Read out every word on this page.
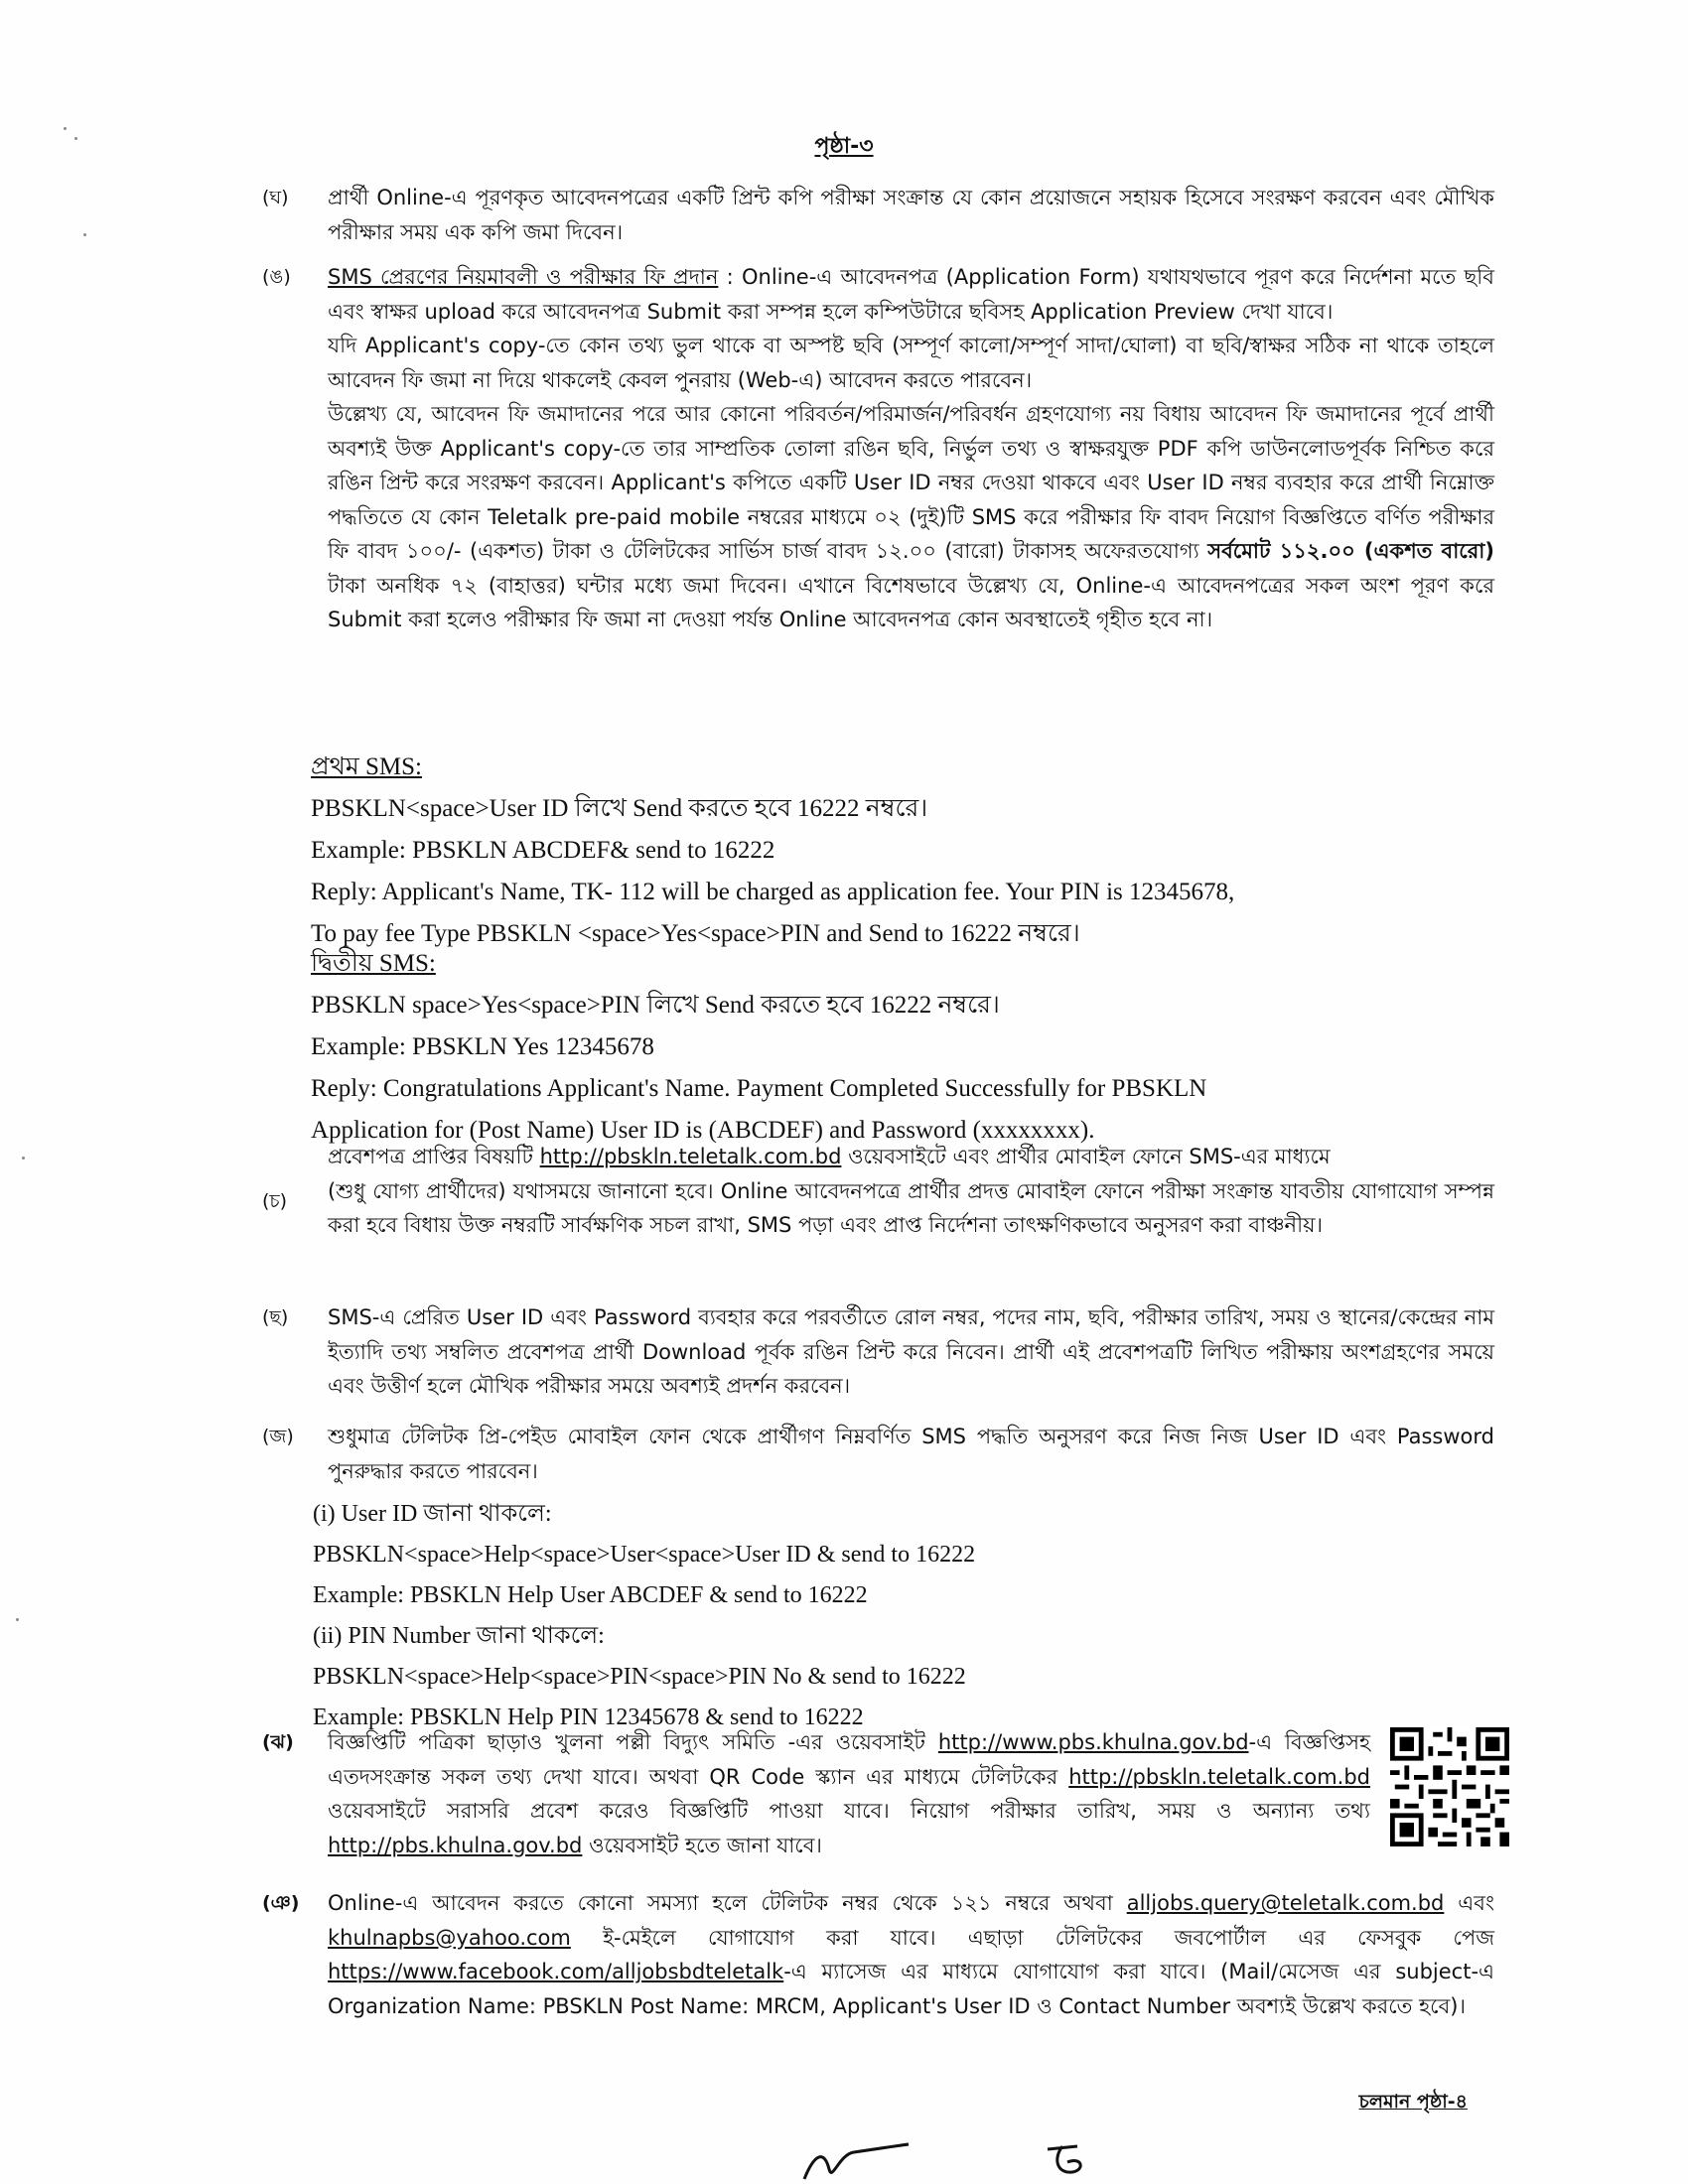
পৃষ্ঠা-৩
(ঘ)	প্রার্থী Online-এ পূরণকৃত আবেদনপত্রের একটি প্রিন্ট কপি পরীক্ষা সংক্রান্ত যে কোন প্রয়োজনে সহায়ক হিসেবে সংরক্ষণ করবেন এবং মৌখিক পরীক্ষার সময় এক কপি জমা দিবেন।
(ঙ)	SMS প্রেরণের নিয়মাবলী ও পরীক্ষার ফি প্রদান : Online-এ আবেদনপত্র (Application Form) যথাযথভাবে পূরণ করে নির্দেশনা মতে ছবি এবং স্বাক্ষর upload করে আবেদনপত্র Submit করা সম্পন্ন হলে কম্পিউটারে ছবিসহ Application Preview দেখা যাবে।
যদি Applicant's copy-তে কোন তথ্য ভুল থাকে বা অস্পষ্ট ছবি (সম্পূর্ণ কালো/সম্পূর্ণ সাদা/ঘোলা) বা ছবি/স্বাক্ষর সঠিক না থাকে তাহলে আবেদন ফি জমা না দিয়ে থাকলেই কেবল পুনরায় (Web-এ) আবেদন করতে পারবেন।
উল্লেখ্য যে, আবেদন ফি জমাদানের পরে আর কোনো পরিবর্তন/পরিমার্জন/পরিবর্ধন গ্রহণযোগ্য নয় বিধায় আবেদন ফি জমাদানের পূর্বে প্রার্থী অবশ্যই উক্ত Applicant's copy-তে তার সাম্প্রতিক তোলা রঙিন ছবি, নির্ভুল তথ্য ও স্বাক্ষরযুক্ত PDF কপি ডাউনলোডপূর্বক নিশ্চিত করে রঙিন প্রিন্ট করে সংরক্ষণ করবেন। Applicant's কপিতে একটি User ID নম্বর দেওয়া থাকবে এবং User ID নম্বর ব্যবহার করে প্রার্থী নিম্নোক্ত পদ্ধতিতে যে কোন Teletalk pre-paid mobile নম্বরের মাধ্যমে ০২ (দুই)টি SMS করে পরীক্ষার ফি বাবদ নিয়োগ বিজ্ঞপ্তিতে বর্ণিত পরীক্ষার ফি বাবদ ১০০/- (একশত) টাকা ও টেলিটকের সার্ভিস চার্জ বাবদ ১২.০০ (বারো) টাকাসহ অফেরতযোগ্য সর্বমোট ১১২.০০ (একশত বারো) টাকা অনধিক ৭২ (বাহাত্তর) ঘন্টার মধ্যে জমা দিবেন। এখানে বিশেষভাবে উল্লেখ্য যে, Online-এ আবেদনপত্রের সকল অংশ পূরণ করে Submit করা হলেও পরীক্ষার ফি জমা না দেওয়া পর্যন্ত Online আবেদনপত্র কোন অবস্থাতেই গৃহীত হবে না।
প্রথম SMS:
PBSKLN<space>User ID লিখে Send করতে হবে 16222 নম্বরে।
Example: PBSKLN ABCDEF& send to 16222
Reply: Applicant's Name, TK- 112 will be charged as application fee. Your PIN is 12345678,
To pay fee Type PBSKLN <space>Yes<space>PIN and Send to 16222 নম্বরে।
দ্বিতীয় SMS:
PBSKLN space>Yes<space>PIN লিখে Send করতে হবে 16222 নম্বরে।
Example: PBSKLN Yes 12345678
Reply: Congratulations Applicant's Name. Payment Completed Successfully for PBSKLN
Application for (Post Name) User ID is (ABCDEF) and Password (xxxxxxxx).
প্রবেশপত্র প্রাপ্তির বিষয়টি http://pbskln.teletalk.com.bd ওয়েবসাইটে এবং প্রার্থীর মোবাইল ফোনে SMS-এর মাধ্যমে
(চ)	(শুধু যোগ্য প্রার্থীদের) যথাসময়ে জানানো হবে। Online আবেদনপত্রে প্রার্থীর প্রদত্ত মোবাইল ফোনে পরীক্ষা সংক্রান্ত যাবতীয় যোগাযোগ সম্পন্ন করা হবে বিধায় উক্ত নম্বরটি সার্বক্ষণিক সচল রাখা, SMS পড়া এবং প্রাপ্ত নির্দেশনা তাৎক্ষণিকভাবে অনুসরণ করা বাঞ্চনীয়।
(ছ)	SMS-এ প্রেরিত User ID এবং Password ব্যবহার করে পরবর্তীতে রোল নম্বর, পদের নাম, ছবি, পরীক্ষার তারিখ, সময় ও স্থানের/কেন্দ্রের নাম ইত্যাদি তথ্য সম্বলিত প্রবেশপত্র প্রার্থী Download পূর্বক রঙিন প্রিন্ট করে নিবেন। প্রার্থী এই প্রবেশপত্রটি লিখিত পরীক্ষায় অংশগ্রহণের সময়ে এবং উত্তীর্ণ হলে মৌখিক পরীক্ষার সময়ে অবশ্যই প্রদর্শন করবেন।
(জ) শুধুমাত্র টেলিটক প্রি-পেইড মোবাইল ফোন থেকে প্রার্থীগণ নিম্নবর্ণিত SMS পদ্ধতি অনুসরণ করে নিজ নিজ User ID এবং Password পুনরুদ্ধার করতে পারবেন।
(i) User ID জানা থাকলে:
PBSKLN<space>Help<space>User<space>User ID & send to 16222
Example: PBSKLN Help User ABCDEF & send to 16222
(ii) PIN Number জানা থাকলে:
PBSKLN<space>Help<space>PIN<space>PIN No & send to 16222
Example: PBSKLN Help PIN 12345678 & send to 16222
(ঝ) বিজ্ঞপ্তিটি পত্রিকা ছাড়াও খুলনা পল্লী বিদ্যুৎ সমিতি -এর ওয়েবসাইট http://www.pbs.khulna.gov.bd-এ বিজ্ঞপ্তিসহ এতদসংক্রান্ত সকল তথ্য দেখা যাবে। অথবা QR Code স্ক্যান এর মাধ্যমে টেলিটকের http://pbskln.teletalk.com.bd ওয়েবসাইটে সরাসরি প্রবেশ করেও বিজ্ঞপ্তিটি পাওয়া যাবে। নিয়োগ পরীক্ষার তারিখ, সময় ও অন্যান্য তথ্য http://pbs.khulna.gov.bd ওয়েবসাইট হতে জানা যাবে।
(ঞ) Online-এ আবেদন করতে কোনো সমস্যা হলে টেলিটক নম্বর থেকে ১২১ নম্বরে অথবা alljobs.query@teletalk.com.bd এবং khulnapbs@yahoo.com ই-মেইলে যোগাযোগ করা যাবে। এছাড়া টেলিটকের জবপোর্টাল এর ফেসবুক পেজ https://www.facebook.com/alljobsbdteletalk-এ ম্যাসেজ এর মাধ্যমে যোগাযোগ করা যাবে। (Mail/মেসেজ এর subject-এ Organization Name: PBSKLN Post Name: MRCM, Applicant's User ID ও Contact Number অবশ্যই উল্লেখ করতে হবে)।
চলমান পৃষ্ঠা-৪
